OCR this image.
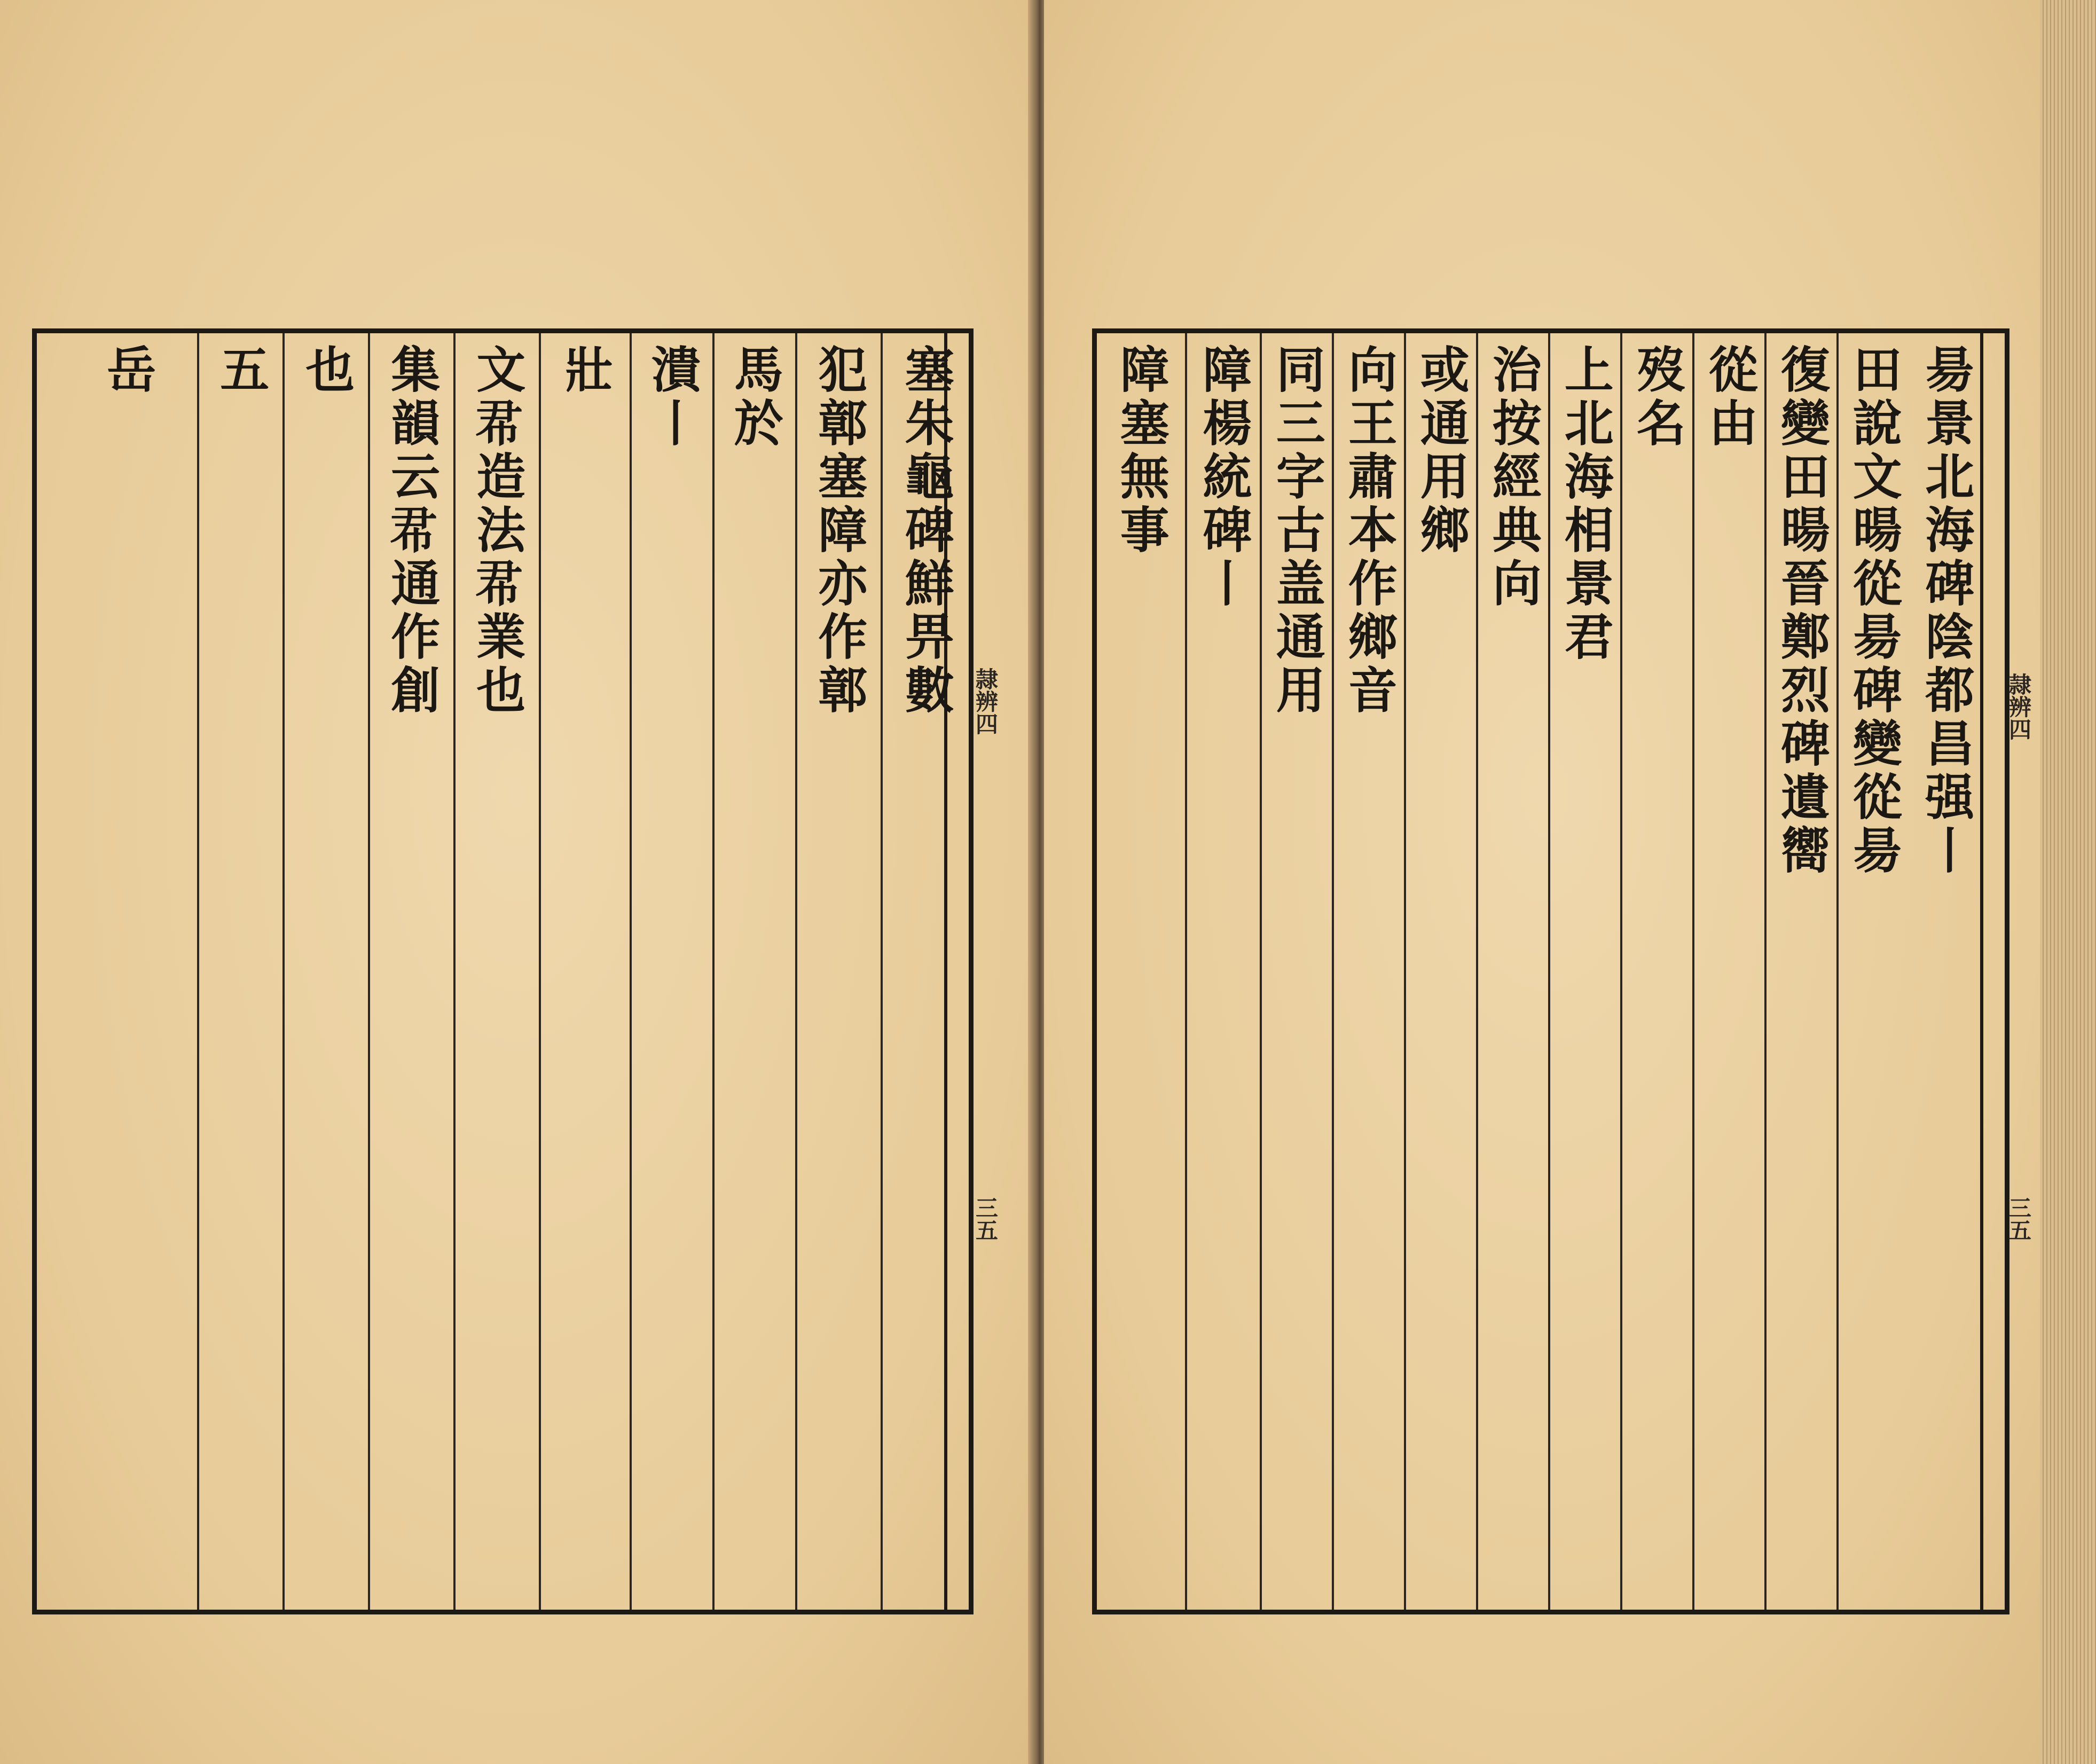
塞朱龜碑鮮畀數
犯鄣塞障亦作鄣
馬於
潰丨
壯
文𢁨造法𢁨業也
集韻云𢁨通作創
也
五
岳
隷辨四
三五
昜景北海碑陰都昌强丨
田說文暘從昜碑變從昜
復變田暘晉鄭烈碑遺嚮
從由
歿名
上北海相景君
治按經典向
或通用鄉
向王肅本作鄉音
同三字古盖通用
障楊統碑丨
障塞無事
隷辨四
三五
